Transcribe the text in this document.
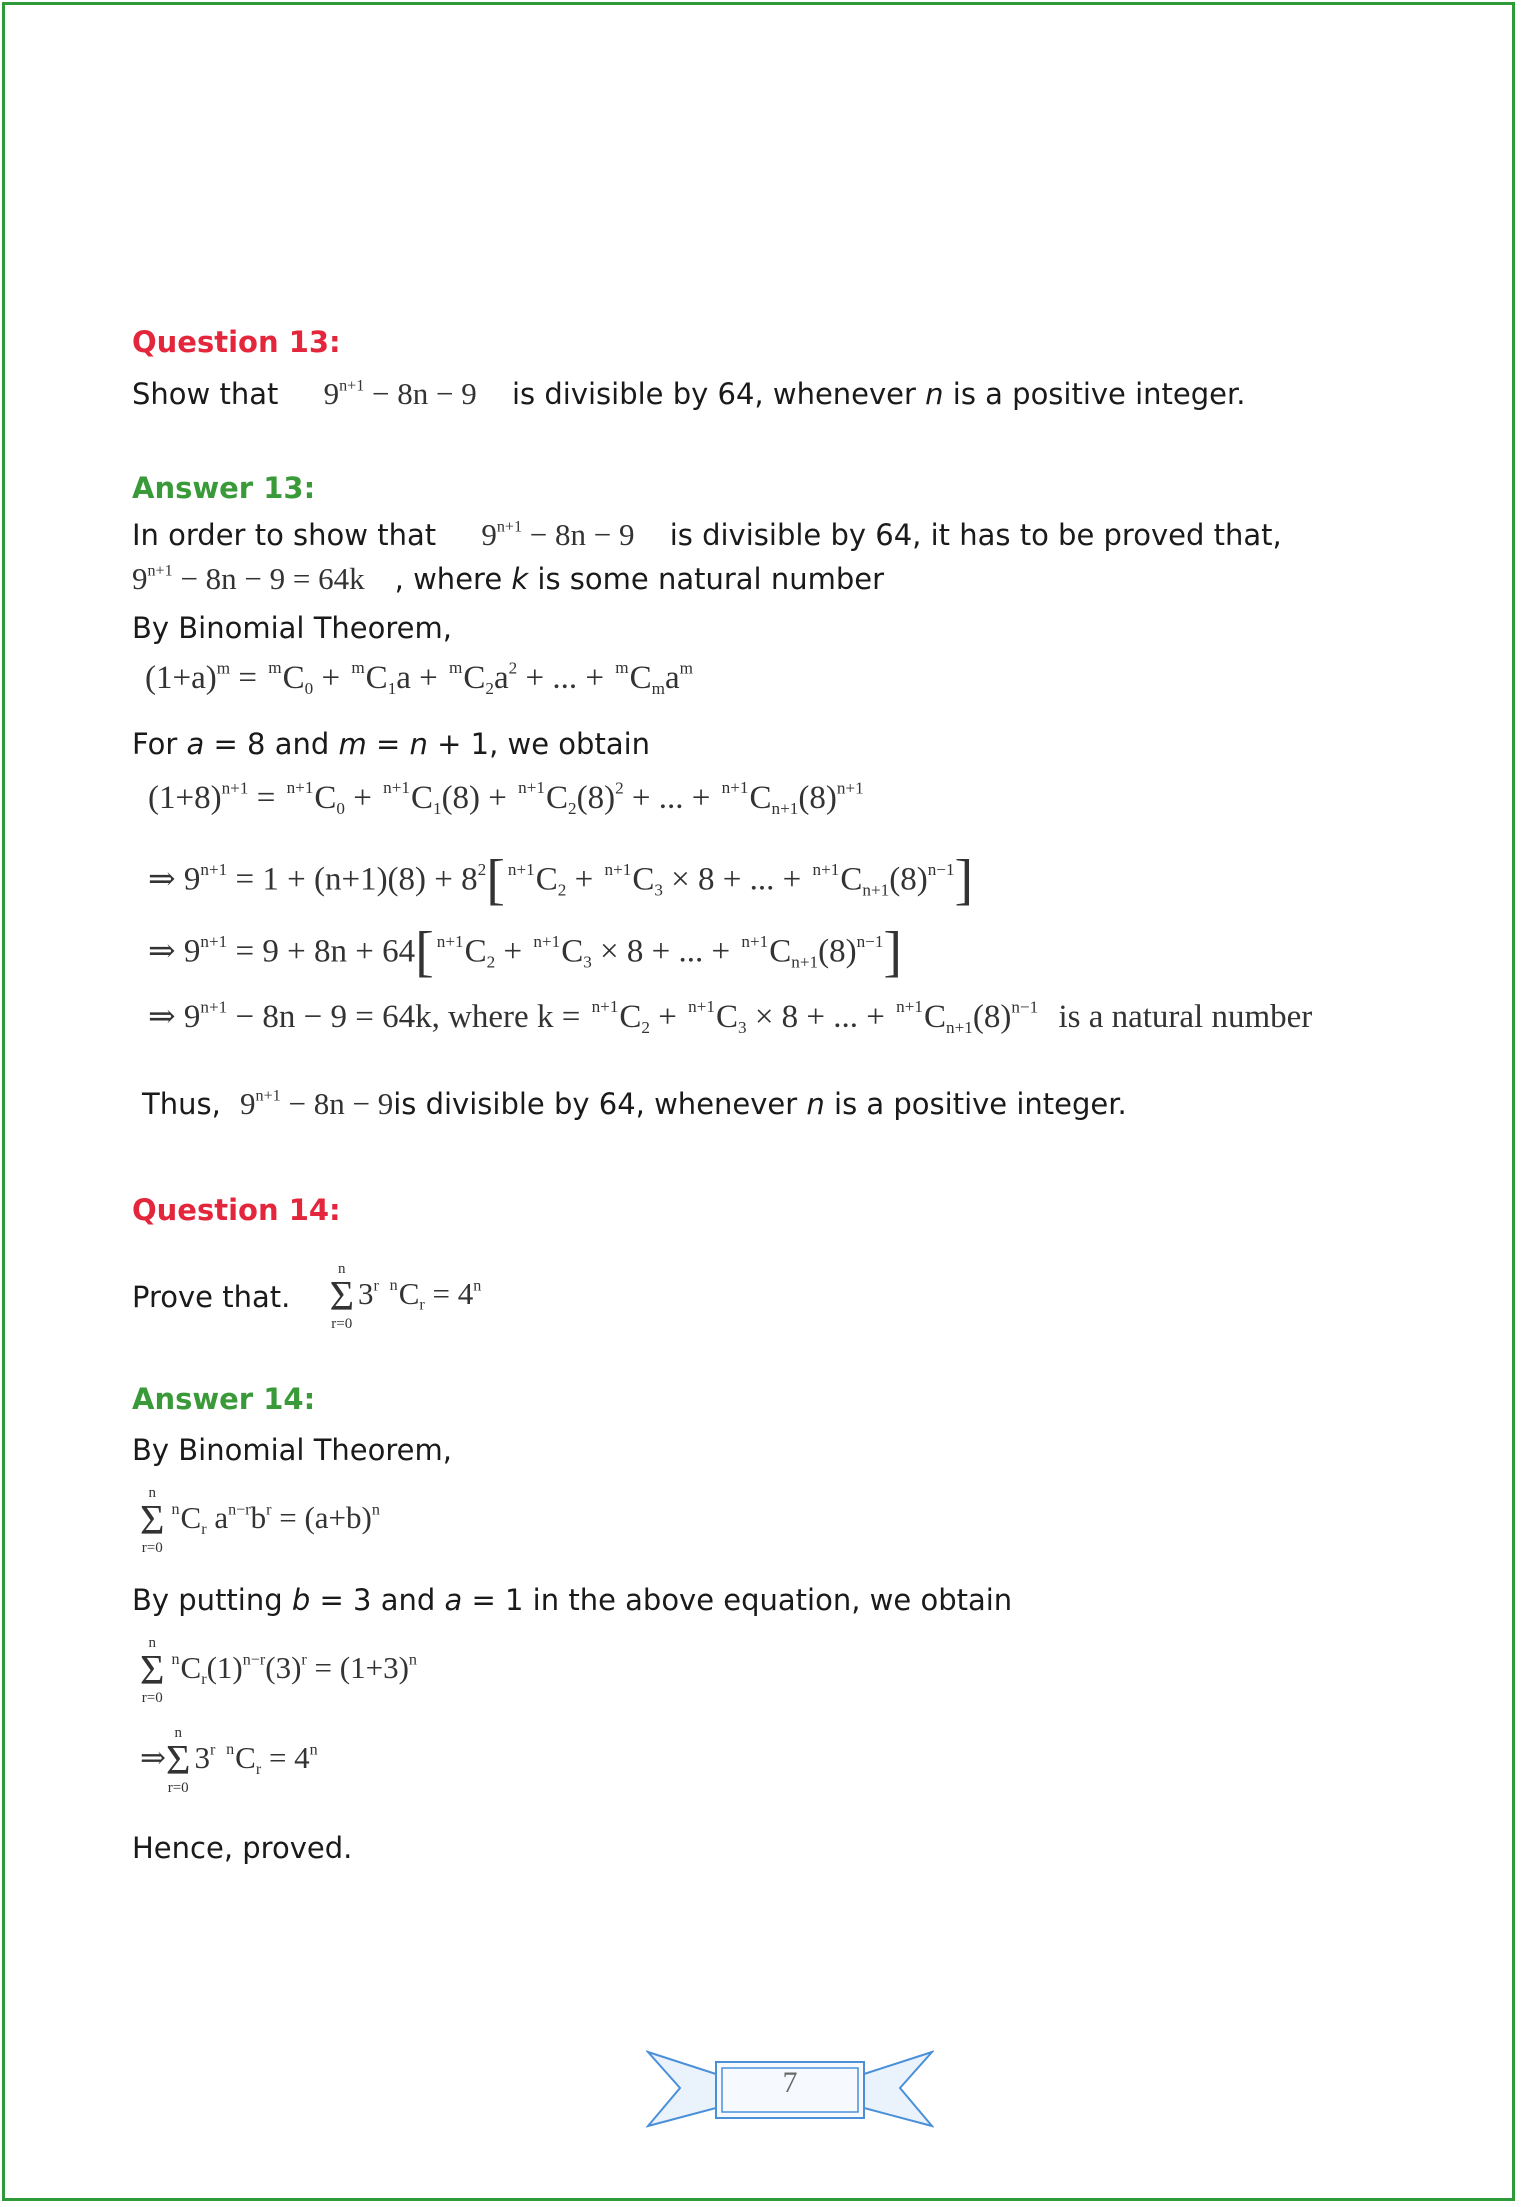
Question 13:
Show that $9^{n+1} - 8n - 9$ is divisible by 64, whenever n is a positive integer.
Answer 13:
In order to show that $9^{n+1} - 8n - 9$ is divisible by 64, it has to be proved that,
$9^{n+1} - 8n - 9 = 64k$ , where k is some natural number
By Binomial Theorem,
$(1+a)^m = ^mC_0 + ^mC_1a + ^mC_2a^2$ + ... + $^mC_ma^m$
For a = 8 and m = n + 1, we obtain
$(1+8)^{n+1} = ^{n+1}C_0 + ^{n+1}C_1(8) + ^{n+1}C_2(8)^2$ + ... + $^{n+1}C_{n+1}(8)^{n+1}$
⇒ $9^{n+1} = 1 + (n+1)(8) + 8^2$[ $^{n+1}C_2 + ^{n+1}C_3 \times 8$ + ... + $^{n+1}C_{n+1}(8)^{n-1}$]
⇒ $9^{n+1} = 9 + 8n + 64$[ $^{n+1}C_2 + ^{n+1}C_3 \times 8$ + ... + $^{n+1}C_{n+1}(8)^{n-1}$]
⇒ $9^{n+1} - 8n - 9 = 64k$, where $k = ^{n+1}C_2 + ^{n+1}C_3 \times 8$ + ... + $^{n+1}C_{n+1}(8)^{n-1}$ is a natural number
Thus, $9^{n+1} - 8n - 9is$ divisible by 64, whenever n is a positive integer.
Question 14:
Prove that.
n
Σ
r=0
3$^r$ $^nC_r = 4^n$
Answer 14:
By Binomial Theorem,
n
Σ
r=0
$^nC_r$ $a^{n-r}b^r = (a+b)^n$
By putting b = 3 and a = 1 in the above equation, we obtain
n
Σ
r=0
$^nC_r(1)^{n-r}(3)^r = (1+3)^n$
⇒
n
Σ
r=0
3$^r$ $^nC_r = 4^n$
Hence, proved.
7
